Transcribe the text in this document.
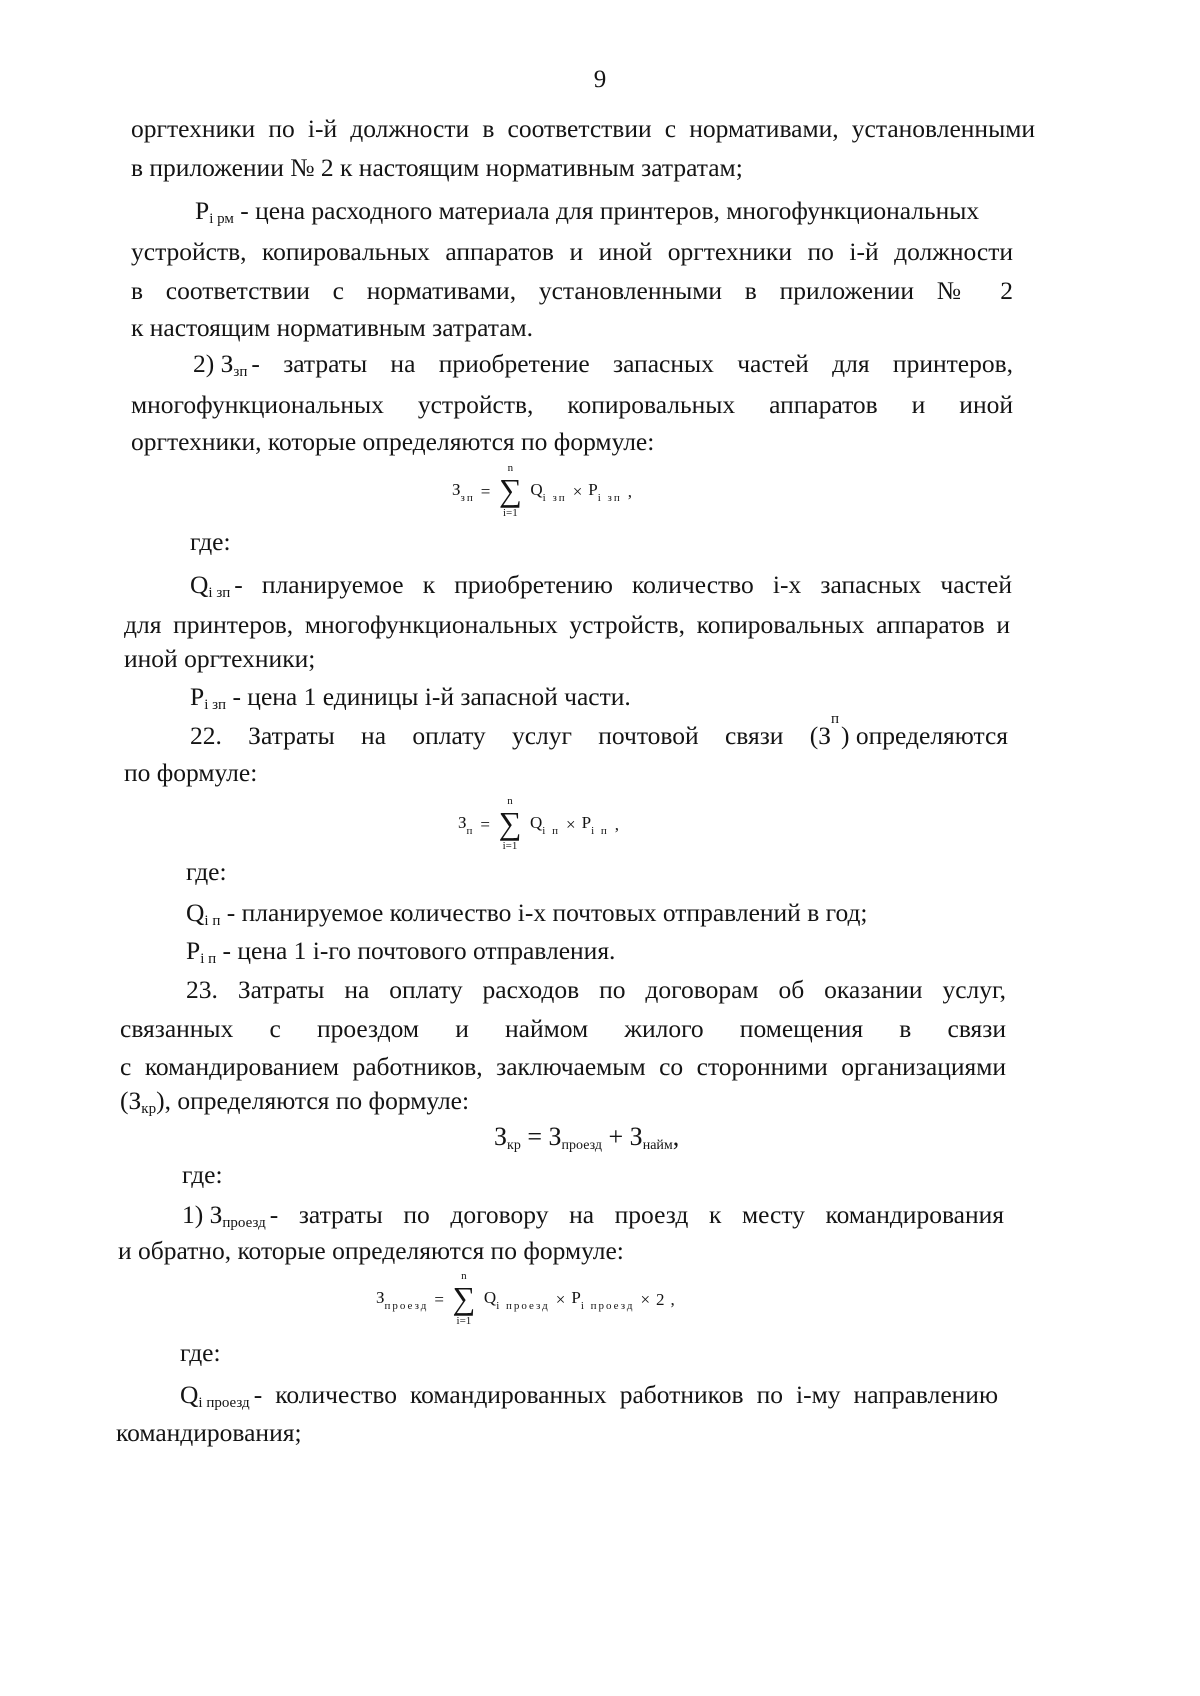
9
оргтехники по i-й должности в соответствии с нормативами, установленными
в приложении № 2 к настоящим нормативным затратам;
$P_{i рм}$ - цена расходного материала для принтеров, многофункциональных
устройств, копировальных аппаратов и иной оргтехники по i-й должности
в соответствии с нормативами, установленными в приложении № 2
к настоящим нормативным затратам.
2) $З_{зп}$ - затраты на приобретение запасных частей для принтеров,
многофункциональных устройств, копировальных аппаратов и иной
оргтехники, которые определяются по формуле:
$З_{зп}$ =
n
∑
i=1
$Q_{i зп} \times P_{i зп}$ ,
где:
$Q_{i зп}$ - планируемое к приобретению количество i-х запасных частей
для принтеров, многофункциональных устройств, копировальных аппаратов и
иной оргтехники;
$P_{i зп}$ - цена 1 единицы i-й запасной части.
22. Затраты на оплату услуг почтовой связи (З
п
) определяются
по формуле:
$З_п$ =
n
∑
i=1
$Q_{i п} \times P_{i п}$ ,
где:
$Q_{i п}$ - планируемое количество i-х почтовых отправлений в год;
$P_{i п}$ - цена 1 i-го почтового отправления.
23. Затраты на оплату расходов по договорам об оказании услуг,
связанных с проездом и наймом жилого помещения в связи
с командированием работников, заключаемым со сторонними организациями
$(З_{кр})$, определяются по формуле:
$З_{кр} = З_{проезд} + З_{найм}$,
где:
1) $З_{проезд}$ - затраты по договору на проезд к месту командирования
и обратно, которые определяются по формуле:
$З_{проезд}$ =
n
∑
i=1
$Q_{i проезд} \times P_{i проезд} \times 2$ ,
где:
$Q_{i проезд}$ - количество командированных работников по i-му направлению
командирования;
